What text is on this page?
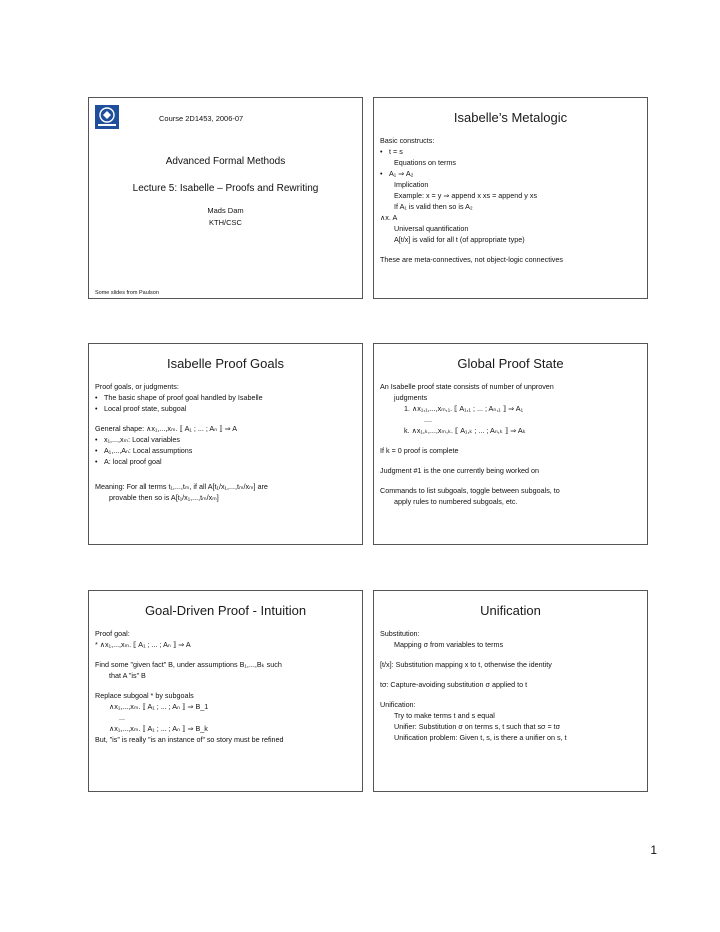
Course 2D1453, 2006-07
Advanced Formal Methods
Lecture 5: Isabelle – Proofs and Rewriting
Mads Dam
KTH/CSC
Some slides from Paulson
Isabelle’s Metalogic
Basic constructs:
• t = s
Equations on terms
• A₁ ⇒ A₂
Implication
Example: x = y ⇒ append x xs = append y xs
If A₁ is valid then so is A₂
∧x. A
Universal quantification
A[t/x] is valid for all t (of appropriate type)
These are meta-connectives, not object-logic connectives
Isabelle Proof Goals
Proof goals, or judgments:
• The basic shape of proof goal handled by Isabelle
• Local proof state, subgoal
General shape: ∧x₁,...,xₘ. ⟦ A₁ ; ... ; Aₙ ⟧ ⇒ A
• x₁,...,xₘ: Local variables
• A₁,...,Aₙ: Local assumptions
• A: local proof goal
Meaning: For all terms t₁,...,tₘ, if all A[t₁/x₁,...,tₘ/xₘ] are
provable then so is A[t₁/x₁,...,tₘ/xₘ]
Global Proof State
An Isabelle proof state consists of number of unproven
judgments
1. ∧x₁,₁,...,xₘ,₁. ⟦ A₁,₁ ; ... ; Aₙ,₁ ⟧ ⇒ A₁
....
k. ∧x₁,ₖ,...,xₘ,ₖ. ⟦ A₁,ₖ ; ... ; Aₙ,ₖ ⟧ ⇒ Aₖ
If k = 0 proof is complete
Judgment #1 is the one currently being worked on
Commands to list subgoals, toggle between subgoals, to
apply rules to numbered subgoals, etc.
Goal-Driven Proof - Intuition
Proof goal:
* ∧x₁,...,xₘ. ⟦ A₁ ; ... ; Aₙ ⟧ ⇒ A
Find some ”given fact” B, under assumptions B₁,...,Bₖ such
that A ”is” B
Replace subgoal * by subgoals
∧x₁,...,xₘ. ⟦ A₁ ; ... ; Aₙ ⟧ ⇒ B_1
...
∧x₁,...,xₘ. ⟦ A₁ ; ... ; Aₙ ⟧ ⇒ B_k
But, ”is” is really ”is an instance of” so story must be refined
Unification
Substitution:
Mapping σ from variables to terms
[t/x]: Substitution mapping x to t, otherwise the identity
tσ: Capture-avoiding substitution σ applied to t
Unification:
Try to make terms t and s equal
Unifier: Substitution σ on terms s, t such that sσ = tσ
Unification problem: Given t, s, is there a unifier on s, t
1
